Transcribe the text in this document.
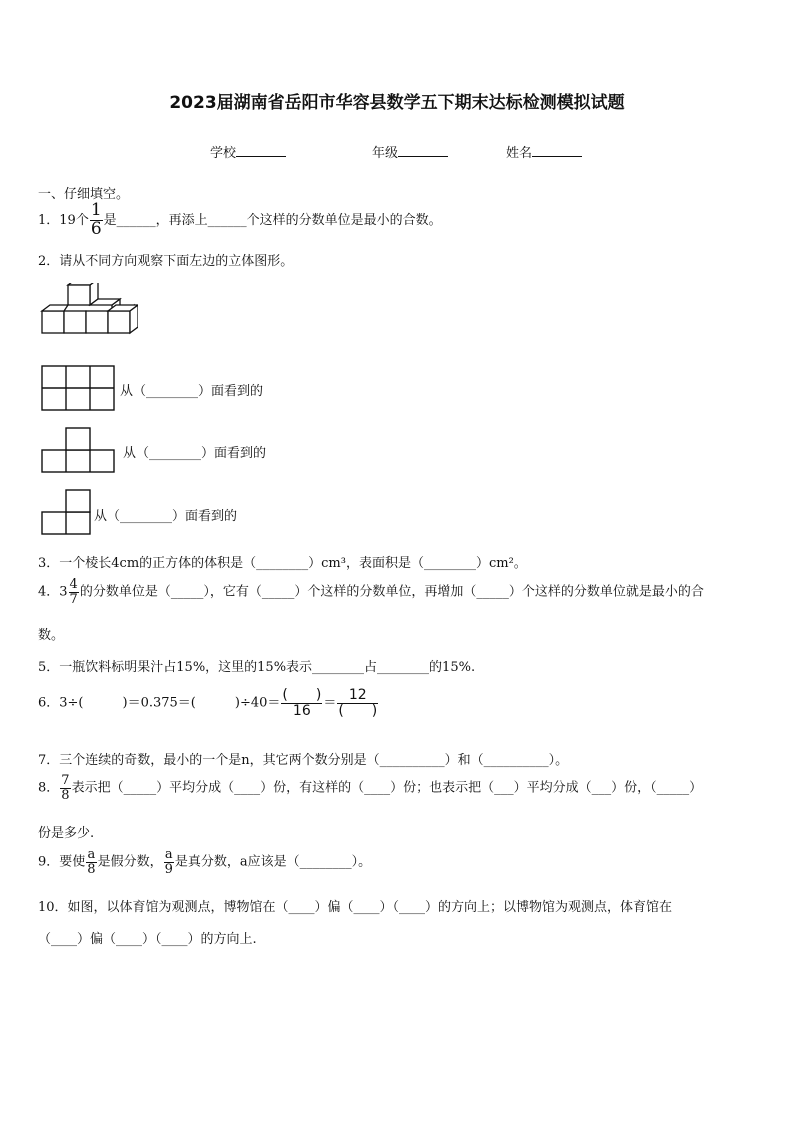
2023届湖南省岳阳市华容县数学五下期末达标检测模拟试题
学校	年级	姓名
一、仔细填空。
1．19个 $\frac{1}{6}$ 是______，再添上______个这样的分数单位是最小的合数。
2．请从不同方向观察下面左边的立体图形。
从（________）面看到的
从（________）面看到的
从（________）面看到的
3．一个棱长4cm的正方体的体积是（________）cm³，表面积是（________）cm²。
4．$3 \frac{4}{7}$ 的分数单位是（_____），它有（_____）个这样的分数单位，再增加（_____）个这样的分数单位就是最小的合
数。
5．一瓶饮料标明果汁占15%，这里的15%表示________占________的15%.
6．3÷(　　　)＝0.375＝(　　　)$\div 40= \frac{( )}{16} = \frac{12}{( )}$
7．三个连续的奇数，最小的一个是n，其它两个数分别是（__________）和（__________）。
8． $\frac{7}{8}$ 表示把（_____）平均分成（____）份，有这样的（____）份；也表示把（___）平均分成（___）份，（_____）
份是多少.
9．要使 $\frac{a}{8}$ 是假分数， $\frac{a}{9}$ 是真分数，a应该是（________）。
10．如图，以体育馆为观测点，博物馆在（____）偏（____）（____）的方向上；以博物馆为观测点，体育馆在
（____）偏（____）（____）的方向上.
